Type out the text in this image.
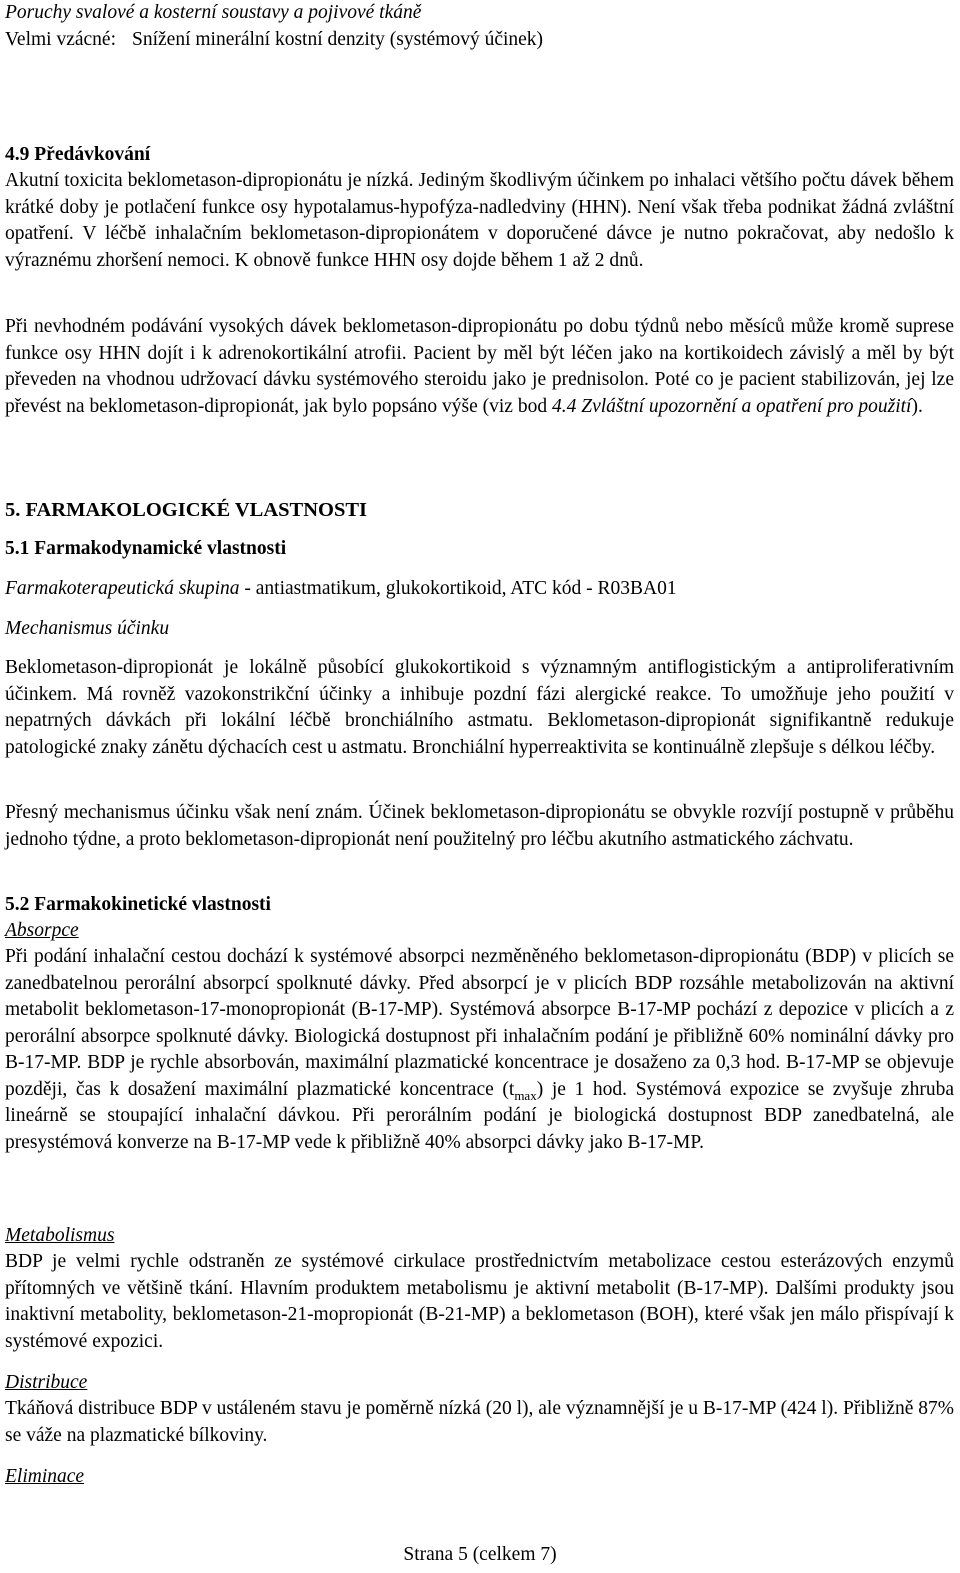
Poruchy svalové a kosterní soustavy a pojivové tkáně
Velmi vzácné: Snížení minerální kostní denzity (systémový účinek)
4.9 Předávkování

Akutní toxicita beklometason-dipropionátu je nízká. Jediným škodlivým účinkem po inhalaci většího počtu dávek během krátké doby je potlačení funkce osy hypotalamus-hypofýza-nadledviny (HHN). Není však třeba podnikat žádná zvláštní opatření. V léčbě inhalačním beklometason-dipropionátem v doporučené dávce je nutno pokračovat, aby nedošlo k výraznému zhoršení nemoci. K obnově funkce HHN osy dojde během 1 až 2 dnů.

Při nevhodném podávání vysokých dávek beklometason-dipropionátu po dobu týdnů nebo měsíců může kromě suprese funkce osy HHN dojít i k adrenokortikální atrofii. Pacient by měl být léčen jako na kortikoidech závislý a měl by být převeden na vhodnou udržovací dávku systémového steroidu jako je prednisolon. Poté co je pacient stabilizován, jej lze převést na beklometason-dipropionát, jak bylo popsáno výše (viz bod 4.4 Zvláštní upozornění a opatření pro použití).

5. FARMAKOLOGICKÉ VLASTNOSTI
5.1 Farmakodynamické vlastnosti
Farmakoterapeutická skupina - antiastmatikum, glukokortikoid, ATC kód - R03BA01
Mechanismus účinku

Beklometason-dipropionát je lokálně působící glukokortikoid s významným antiflogistickým a antiproliferativním účinkem. Má rovněž vazokonstrikční účinky a inhibuje pozdní fázi alergické reakce. To umožňuje jeho použití v nepatrných dávkách při lokální léčbě bronchiálního astmatu. Beklometason-dipropionát signifikantně redukuje patologické znaky zánětu dýchacích cest u astmatu. Bronchiální hyperreaktivita se kontinuálně zlepšuje s délkou léčby.

Přesný mechanismus účinku však není znám. Účinek beklometason-dipropionátu se obvykle rozvíjí postupně v průběhu jednoho týdne, a proto beklometason-dipropionát není použitelný pro léčbu akutního astmatického záchvatu.

5.2 Farmakokinetické vlastnosti
Absorpce

Při podání inhalační cestou dochází k systémové absorpci nezměněného beklometason-dipropionátu (BDP) v plicích se zanedbatelnou perorální absorpcí spolknuté dávky. Před absorpcí je v plicích BDP rozsáhle metabolizován na aktivní metabolit beklometason-17-monopropionát (B-17-MP). Systémová absorpce B-17-MP pochází z depozice v plicích a z perorální absorpce spolknuté dávky. Biologická dostupnost při inhalačním podání je přibližně 60% nominální dávky pro B-17-MP. BDP je rychle absorbován, maximální plazmatické koncentrace je dosaženo za 0,3 hod. B-17-MP se objevuje později, čas k dosažení maximální plazmatické koncentrace $(t_{max})$ je 1 hod. Systémová expozice se zvyšuje zhruba lineárně se stoupající inhalační dávkou. Při perorálním podání je biologická dostupnost BDP zanedbatelná, ale presystémová konverze na B-17-MP vede k přibližně 40% absorpci dávky jako B-17-MP.

Metabolismus

BDP je velmi rychle odstraněn ze systémové cirkulace prostřednictvím metabolizace cestou esterázových enzymů přítomných ve většině tkání. Hlavním produktem metabolismu je aktivní metabolit (B-17-MP). Dalšími produkty jsou inaktivní metabolity, beklometason-21-mopropionát (B-21-MP) a beklometason (BOH), které však jen málo přispívají k systémové expozici.

Distribuce

Tkáňová distribuce BDP v ustáleném stavu je poměrně nízká (20 l), ale významnější je u B-17-MP (424 l). Přibližně 87% se váže na plazmatické bílkoviny.

Eliminace
Strana 5 (celkem 7)
